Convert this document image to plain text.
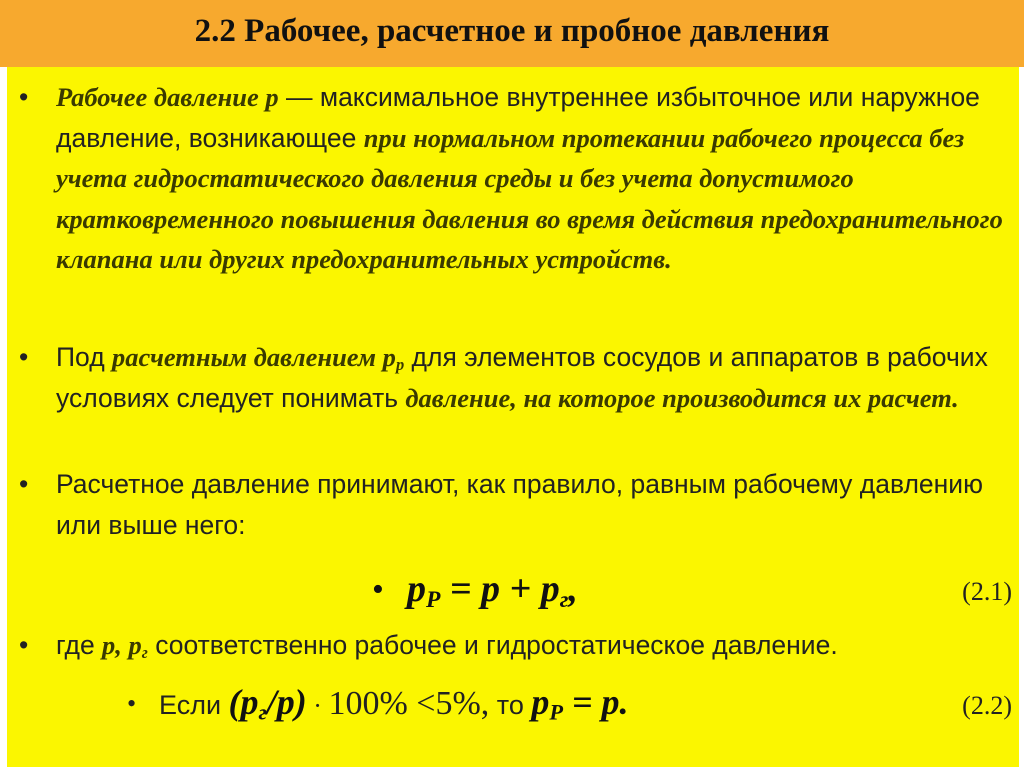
2.2 Рабочее, расчетное и пробное давления
•	Рабочее давление р — максимальное внутреннее избыточное или наружное давление, возникающее при нормальном протекании рабочего процесса без учета гидростатического давления среды и без учета допустимого кратковременного повышения давления во время действия предохранительного клапана или других предохранительных устройств.
•	Под расчетным давлением $р_р$ для элементов сосудов и аппаратов в рабочих условиях следует понимать давление, на которое производится их расчет.
•	Расчетное давление принимают, как правило, равным рабочему давлению или выше него:
• $p_P = p + p_г$,	(2.1)
•	где р, $р_г$ соответственно рабочее и гидростатическое давление.
• Если $(p_г/p) \cdot 100\% <5\%$, то $p_P = p$.	(2.2)
